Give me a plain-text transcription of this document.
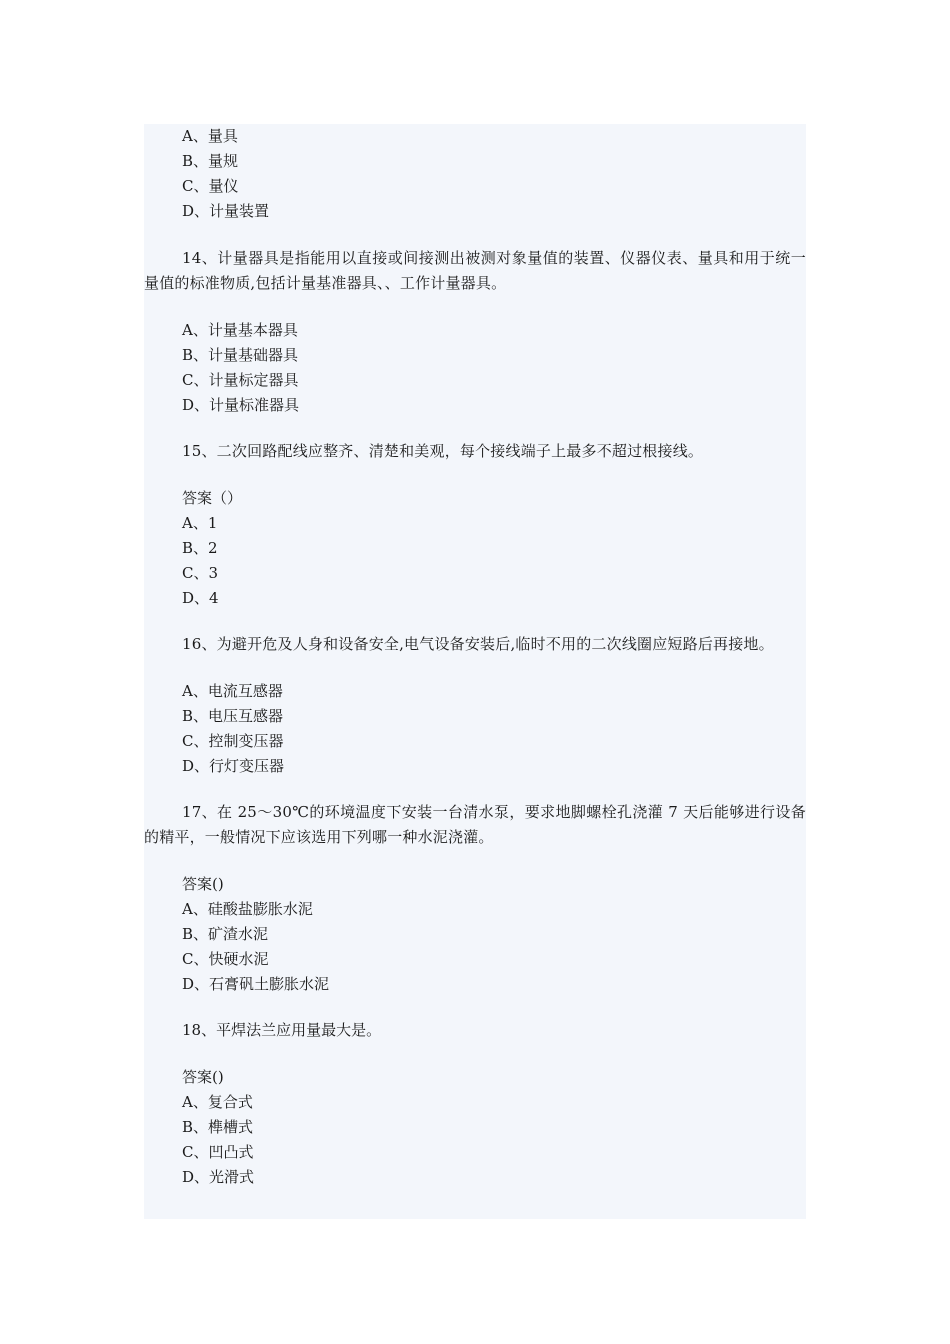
A、量具
B、量规
C、量仪
D、计量装置
14、计量器具是指能用以直接或间接测出被测对象量值的装置、仪器仪表、量具和用于统一量值的标准物质,包括计量基准器具、、工作计量器具。
A、计量基本器具
B、计量基础器具
C、计量标定器具
D、计量标准器具
15、二次回路配线应整齐、清楚和美观，每个接线端子上最多不超过根接线。
答案（）
A、1
B、2
C、3
D、4
16、为避开危及人身和设备安全,电气设备安装后,临时不用的二次线圈应短路后再接地。
A、电流互感器
B、电压互感器
C、控制变压器
D、行灯变压器
17、在 25～30℃的环境温度下安装一台清水泵，要求地脚螺栓孔浇灌 7 天后能够进行设备的精平，一般情况下应该选用下列哪一种水泥浇灌。
答案()
A、硅酸盐膨胀水泥
B、矿渣水泥
C、快硬水泥
D、石膏矾土膨胀水泥
18、平焊法兰应用量最大是。
答案()
A、复合式
B、榫槽式
C、凹凸式
D、光滑式
